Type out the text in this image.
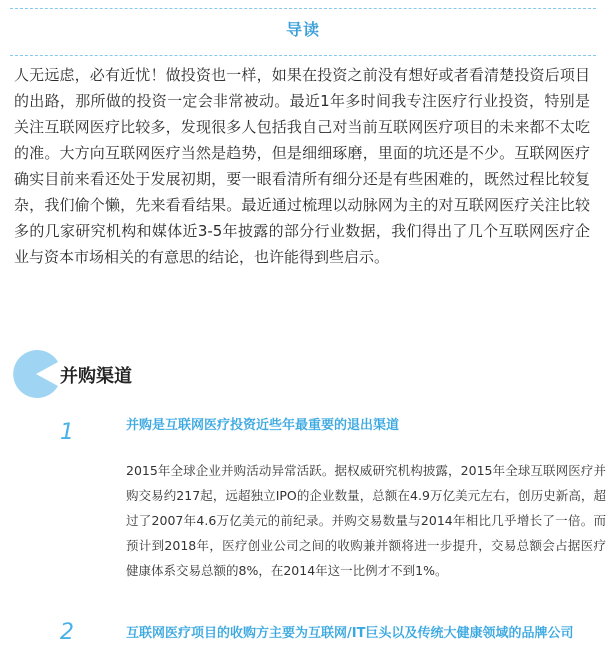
导读

人无远虑，必有近忧！做投资也一样，如果在投资之前没有想好或者看清楚投资后项目的出路，那所做的投资一定会非常被动。最近1年多时间我专注医疗行业投资，特别是关注互联网医疗比较多，发现很多人包括我自己对当前互联网医疗项目的未来都不太吃的准。大方向互联网医疗当然是趋势，但是细细琢磨，里面的坑还是不少。互联网医疗确实目前来看还处于发展初期，要一眼看清所有细分还是有些困难的，既然过程比较复杂，我们偷个懒，先来看看结果。最近通过梳理以动脉网为主的对互联网医疗关注比较多的几家研究机构和媒体近3-5年披露的部分行业数据，我们得出了几个互联网医疗企业与资本市场相关的有意思的结论，也许能得到些启示。

并购渠道
1	并购是互联网医疗投资近些年最重要的退出渠道

2015年全球企业并购活动异常活跃。据权威研究机构披露，2015年全球互联网医疗并购交易约217起，远超独立IPO的企业数量，总额在4.9万亿美元左右，创历史新高，超过了2007年4.6万亿美元的前纪录。并购交易数量与2014年相比几乎增长了一倍。而预计到2018年，医疗创业公司之间的收购兼并额将进一步提升，交易总额会占据医疗健康体系交易总额的8%，在2014年这一比例才不到1%。

2	互联网医疗项目的收购方主要为互联网/IT巨头以及传统大健康领域的品牌公司
